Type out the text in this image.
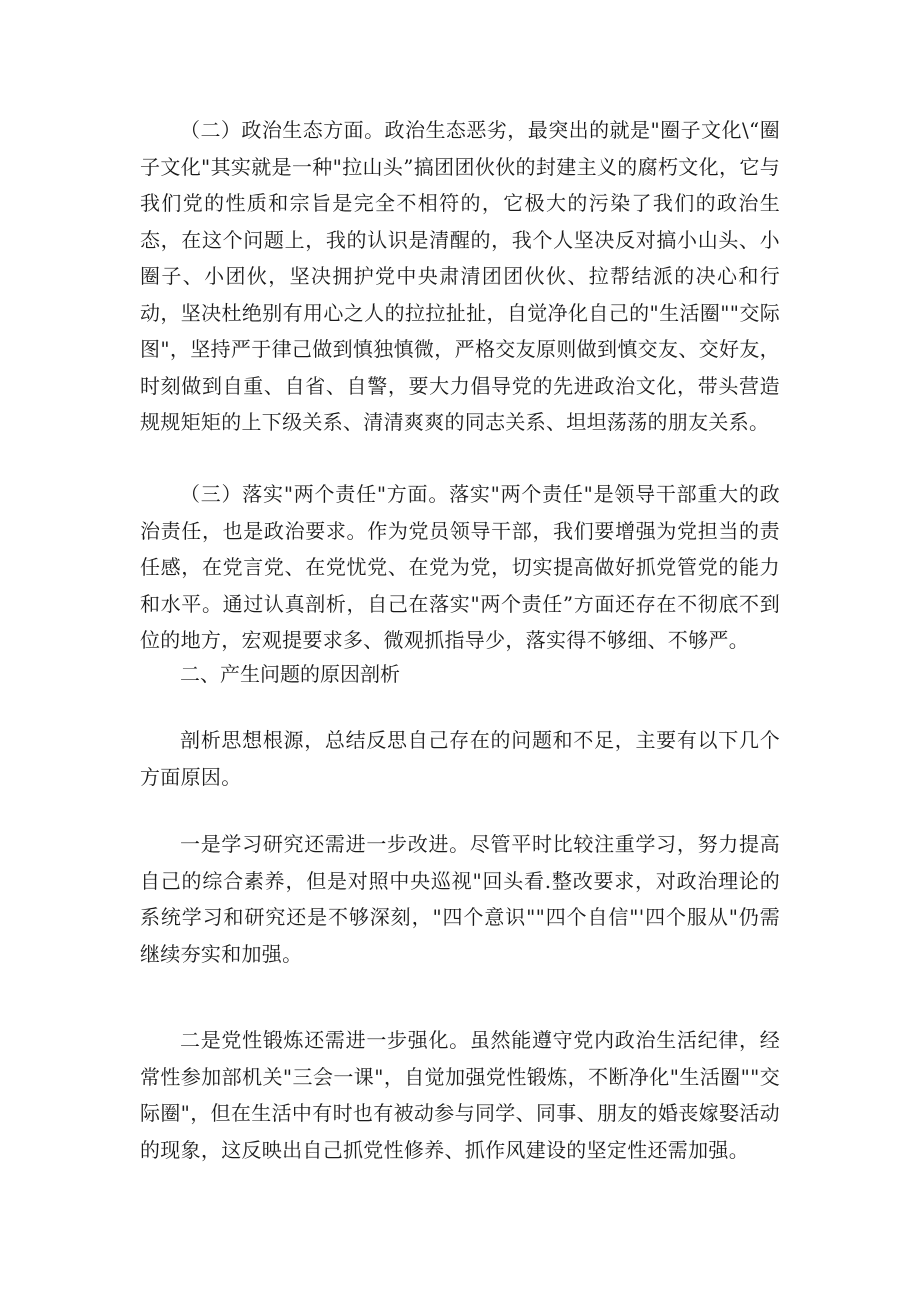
（二）政治生态方面。政治生态恶劣，最突出的就是"圈子文化\“圈子文化"其实就是一种"拉山头”搞团团伙伙的封建主义的腐朽文化，它与我们党的性质和宗旨是完全不相符的，它极大的污染了我们的政治生态，在这个问题上，我的认识是清醒的，我个人坚决反对搞小山头、小圈子、小团伙，坚决拥护党中央肃清团团伙伙、拉帮结派的决心和行动，坚决杜绝别有用心之人的拉拉扯扯，自觉净化自己的"生活圈""交际图"，坚持严于律己做到慎独慎微，严格交友原则做到慎交友、交好友，时刻做到自重、自省、自警，要大力倡导党的先进政治文化，带头营造规规矩矩的上下级关系、清清爽爽的同志关系、坦坦荡荡的朋友关系。

（三）落实"两个责任"方面。落实"两个责任"是领导干部重大的政治责任，也是政治要求。作为党员领导干部，我们要增强为党担当的责任感，在党言党、在党忧党、在党为党，切实提高做好抓党管党的能力和水平。通过认真剖析，自己在落实"两个责任”方面还存在不彻底不到位的地方，宏观提要求多、微观抓指导少，落实得不够细、不够严。

二、产生问题的原因剖析

剖析思想根源，总结反思自己存在的问题和不足，主要有以下几个方面原因。

一是学习研究还需进一步改进。尽管平时比较注重学习，努力提高自己的综合素养，但是对照中央巡视"回头看.整改要求，对政治理论的系统学习和研究还是不够深刻，"四个意识""四个自信"'四个服从"仍需继续夯实和加强。

二是党性锻炼还需进一步强化。虽然能遵守党内政治生活纪律，经常性参加部机关"三会一课"，自觉加强党性锻炼，不断净化"生活圈""交际圈"，但在生活中有时也有被动参与同学、同事、朋友的婚丧嫁娶活动的现象，这反映出自己抓党性修养、抓作风建设的坚定性还需加强。
